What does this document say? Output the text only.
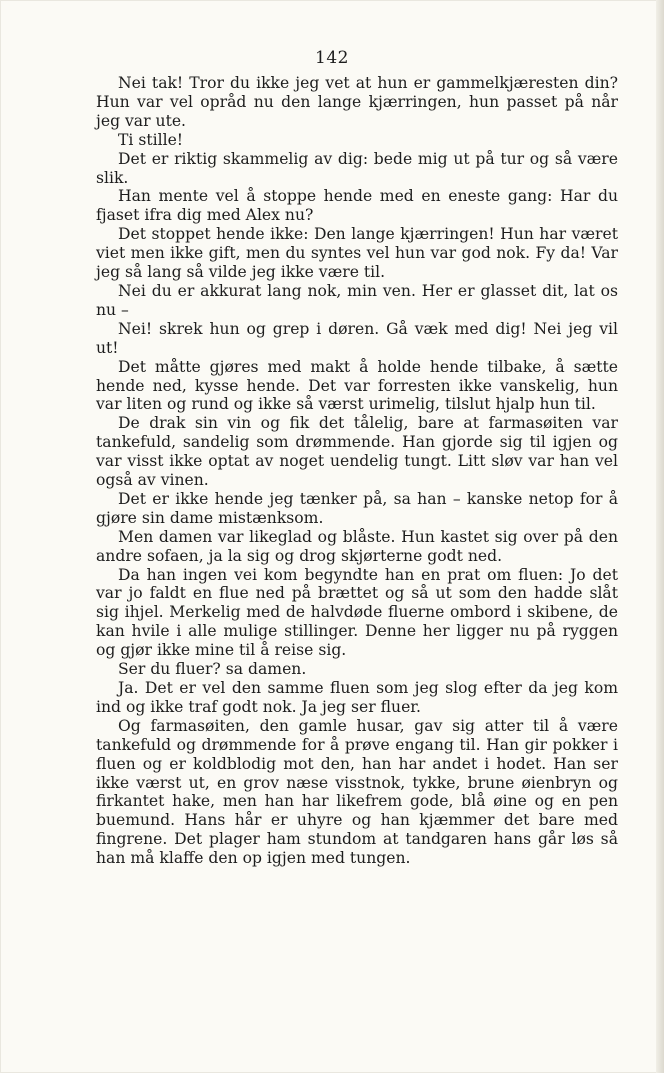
142

Nei tak! Tror du ikke jeg vet at hun er gammelkjæresten din? Hun var vel opråd nu den lange kjærringen, hun passet på når jeg var ute.

Ti stille!

Det er riktig skammelig av dig: bede mig ut på tur og så være slik.

Han mente vel å stoppe hende med en eneste gang: Har du fjaset ifra dig med Alex nu?

Det stoppet hende ikke: Den lange kjærringen! Hun har været viet men ikke gift, men du syntes vel hun var god nok. Fy da! Var jeg så lang så vilde jeg ikke være til.

Nei du er akkurat lang nok, min ven. Her er glasset dit, lat os nu –

Nei! skrek hun og grep i døren. Gå væk med dig! Nei jeg vil ut!

Det måtte gjøres med makt å holde hende tilbake, å sætte hende ned, kysse hende. Det var forresten ikke vanskelig, hun var liten og rund og ikke så værst urimelig, tilslut hjalp hun til.

De drak sin vin og fik det tålelig, bare at farmasøiten var tankefuld, sandelig som drømmende. Han gjorde sig til igjen og var visst ikke optat av noget uendelig tungt. Litt sløv var han vel også av vinen.

Det er ikke hende jeg tænker på, sa han – kanske netop for å gjøre sin dame mistænksom.

Men damen var likeglad og blåste. Hun kastet sig over på den andre sofaen, ja la sig og drog skjørterne godt ned.

Da han ingen vei kom begyndte han en prat om fluen: Jo det var jo faldt en flue ned på brættet og så ut som den hadde slåt sig ihjel. Merkelig med de halvdøde fluerne ombord i skibene, de kan hvile i alle mulige stillinger. Denne her ligger nu på ryggen og gjør ikke mine til å reise sig.

Ser du fluer? sa damen.

Ja. Det er vel den samme fluen som jeg slog efter da jeg kom ind og ikke traf godt nok. Ja jeg ser fluer.

Og farmasøiten, den gamle husar, gav sig atter til å være tankefuld og drømmende for å prøve engang til. Han gir pokker i fluen og er koldblodig mot den, han har andet i hodet. Han ser ikke værst ut, en grov næse visstnok, tykke, brune øienbryn og firkantet hake, men han har likefrem gode, blå øine og en pen buemund. Hans hår er uhyre og han kjæmmer det bare med fingrene. Det plager ham stundom at tandgaren hans går løs så han må klaffe den op igjen med tungen.
